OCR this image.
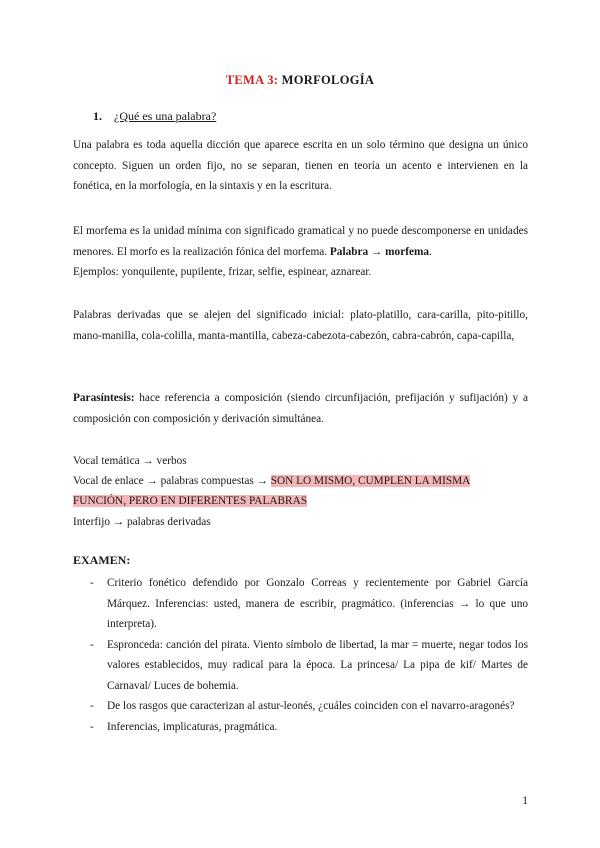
TEMA 3: MORFOLOGÍA
1. ¿Qué es una palabra?

Una palabra es toda aquella dicción que aparece escrita en un solo término que designa un único concepto. Siguen un orden fijo, no se separan, tienen en teoría un acento e intervienen en la fonética, en la morfología, en la sintaxis y en la escritura.

El morfema es la unidad mínima con significado gramatical y no puede descomponerse en unidades menores. El morfo es la realización fónica del morfema. Palabra → morfema.
Ejemplos: yonquilente, pupilente, frizar, selfie, espinear, aznarear.

Palabras derivadas que se alejen del significado inicial: plato-platillo, cara-carilla, pito-pitillo, mano-manilla, cola-colilla, manta-mantilla, cabeza-cabezota-cabezón, cabra-cabrón, capa-capilla,

Parasíntesis: hace referencia a composición (siendo circunfijación, prefijación y sufijación) y a composición con composición y derivación simultánea.

Vocal temática → verbos
Vocal de enlace → palabras compuestas → SON LO MISMO, CUMPLEN LA MISMA
FUNCIÓN, PERO EN DIFERENTES PALABRAS
Interfijo → palabras derivadas
EXAMEN:
- Criterio fonético defendido por Gonzalo Correas y recientemente por Gabriel García Márquez. Inferencias: usted, manera de escribir, pragmático. (inferencias → lo que uno interpreta).
- Espronceda: canción del pirata. Viento símbolo de libertad, la mar = muerte, negar todos los valores establecidos, muy radical para la época. La princesa/ La pipa de kif/ Martes de Carnaval/ Luces de bohemia.
- De los rasgos que caracterizan al astur-leonés, ¿cuáles coinciden con el navarro-aragonés?
- Inferencias, implicaturas, pragmática.
1
